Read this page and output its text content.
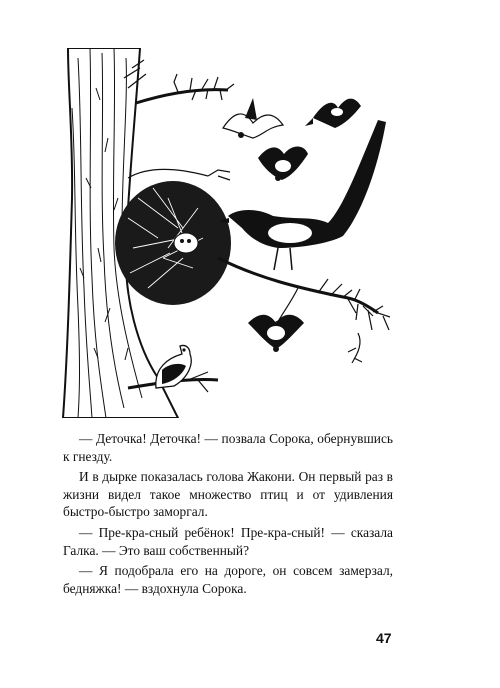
— Деточка! Деточка! — позвала Сорока, обернувшись к гнезду.

И в дырке показалась голова Жакони. Он первый раз в жизни видел такое множество птиц и от удивления быстро-быстро заморгал.

— Пре-кра-сный ребёнок! Пре-кра-сный! — сказала Галка. — Это ваш собственный?

— Я подобрала его на дороге, он совсем замерзал, бедняжка! — вздохнула Сорока.

47
